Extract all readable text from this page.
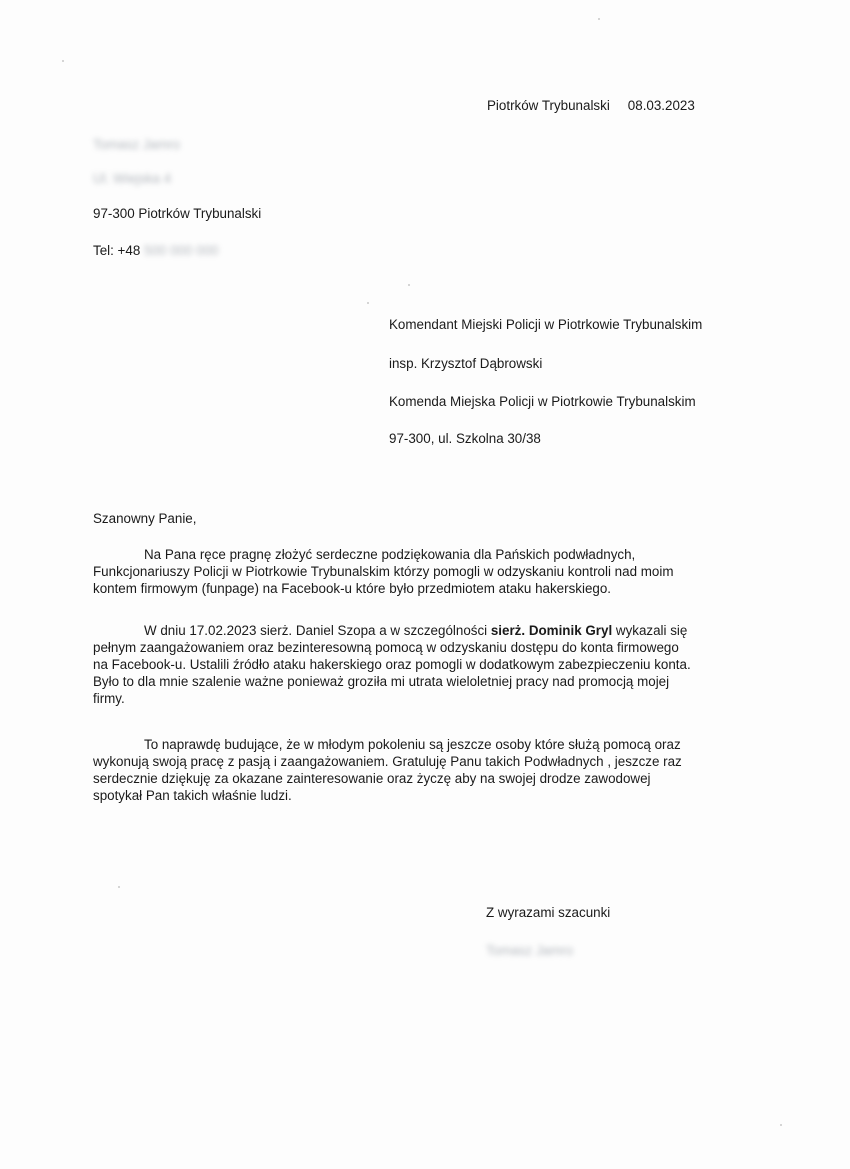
Piotrków Trybunalski 08.03.2023
Tomasz Jamro
Ul. Wiejska 4
97-300 Piotrków Trybunalski
Tel: +48 500 000 000
Komendant Miejski Policji w Piotrkowie Trybunalskim
insp. Krzysztof Dąbrowski
Komenda Miejska Policji w Piotrkowie Trybunalskim
97-300, ul. Szkolna 30/38
Szanowny Panie,
Na Pana ręce pragnę złożyć serdeczne podziękowania dla Pańskich podwładnych,
Funkcjonariuszy Policji w Piotrkowie Trybunalskim którzy pomogli w odzyskaniu kontroli nad moim
kontem firmowym (funpage) na Facebook-u które było przedmiotem ataku hakerskiego.
W dniu 17.02.2023 sierż. Daniel Szopa a w szczególności sierż. Dominik Gryl wykazali się
pełnym zaangażowaniem oraz bezinteresowną pomocą w odzyskaniu dostępu do konta firmowego
na Facebook-u. Ustalili źródło ataku hakerskiego oraz pomogli w dodatkowym zabezpieczeniu konta.
Było to dla mnie szalenie ważne ponieważ groziła mi utrata wieloletniej pracy nad promocją mojej
firmy.
To naprawdę budujące, że w młodym pokoleniu są jeszcze osoby które służą pomocą oraz
wykonują swoją pracę z pasją i zaangażowaniem. Gratuluję Panu takich Podwładnych , jeszcze raz
serdecznie dziękuję za okazane zainteresowanie oraz życzę aby na swojej drodze zawodowej
spotykał Pan takich właśnie ludzi.
Z wyrazami szacunki
Tomasz Jamro
